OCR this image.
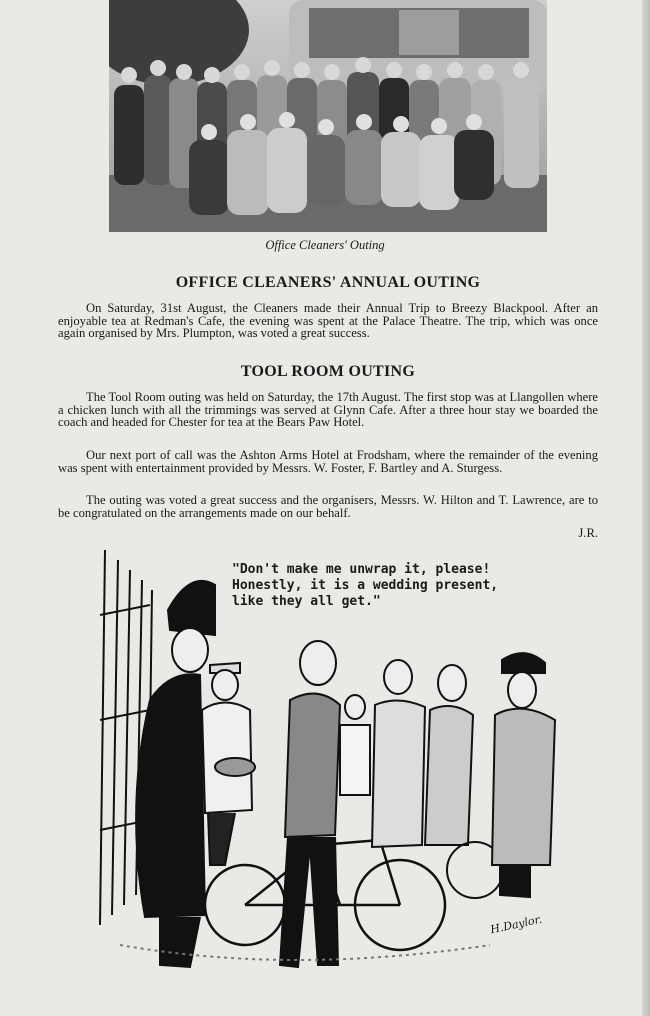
Office Cleaners' Outing
OFFICE CLEANERS' ANNUAL OUTING

On Saturday, 31st August, the Cleaners made their Annual Trip to Breezy Blackpool. After an enjoyable tea at Redman's Cafe, the evening was spent at the Palace Theatre. The trip, which was once again organised by Mrs. Plumpton, was voted a great success.

TOOL ROOM OUTING

The Tool Room outing was held on Saturday, the 17th August. The first stop was at Llangollen where a chicken lunch with all the trimmings was served at Glynn Cafe. After a three hour stay we boarded the coach and headed for Chester for tea at the Bears Paw Hotel.

Our next port of call was the Ashton Arms Hotel at Frodsham, where the remainder of the evening was spent with entertainment provided by Messrs. W. Foster, F. Bartley and A. Sturgess.

The outing was voted a great success and the organisers, Messrs. W. Hilton and T. Lawrence, are to be congratulated on the arrangements made on our behalf.

J.R.
"Don't make me unwrap it, please!
Honestly, it is a wedding present,
like they all get."
H.Daylor.
